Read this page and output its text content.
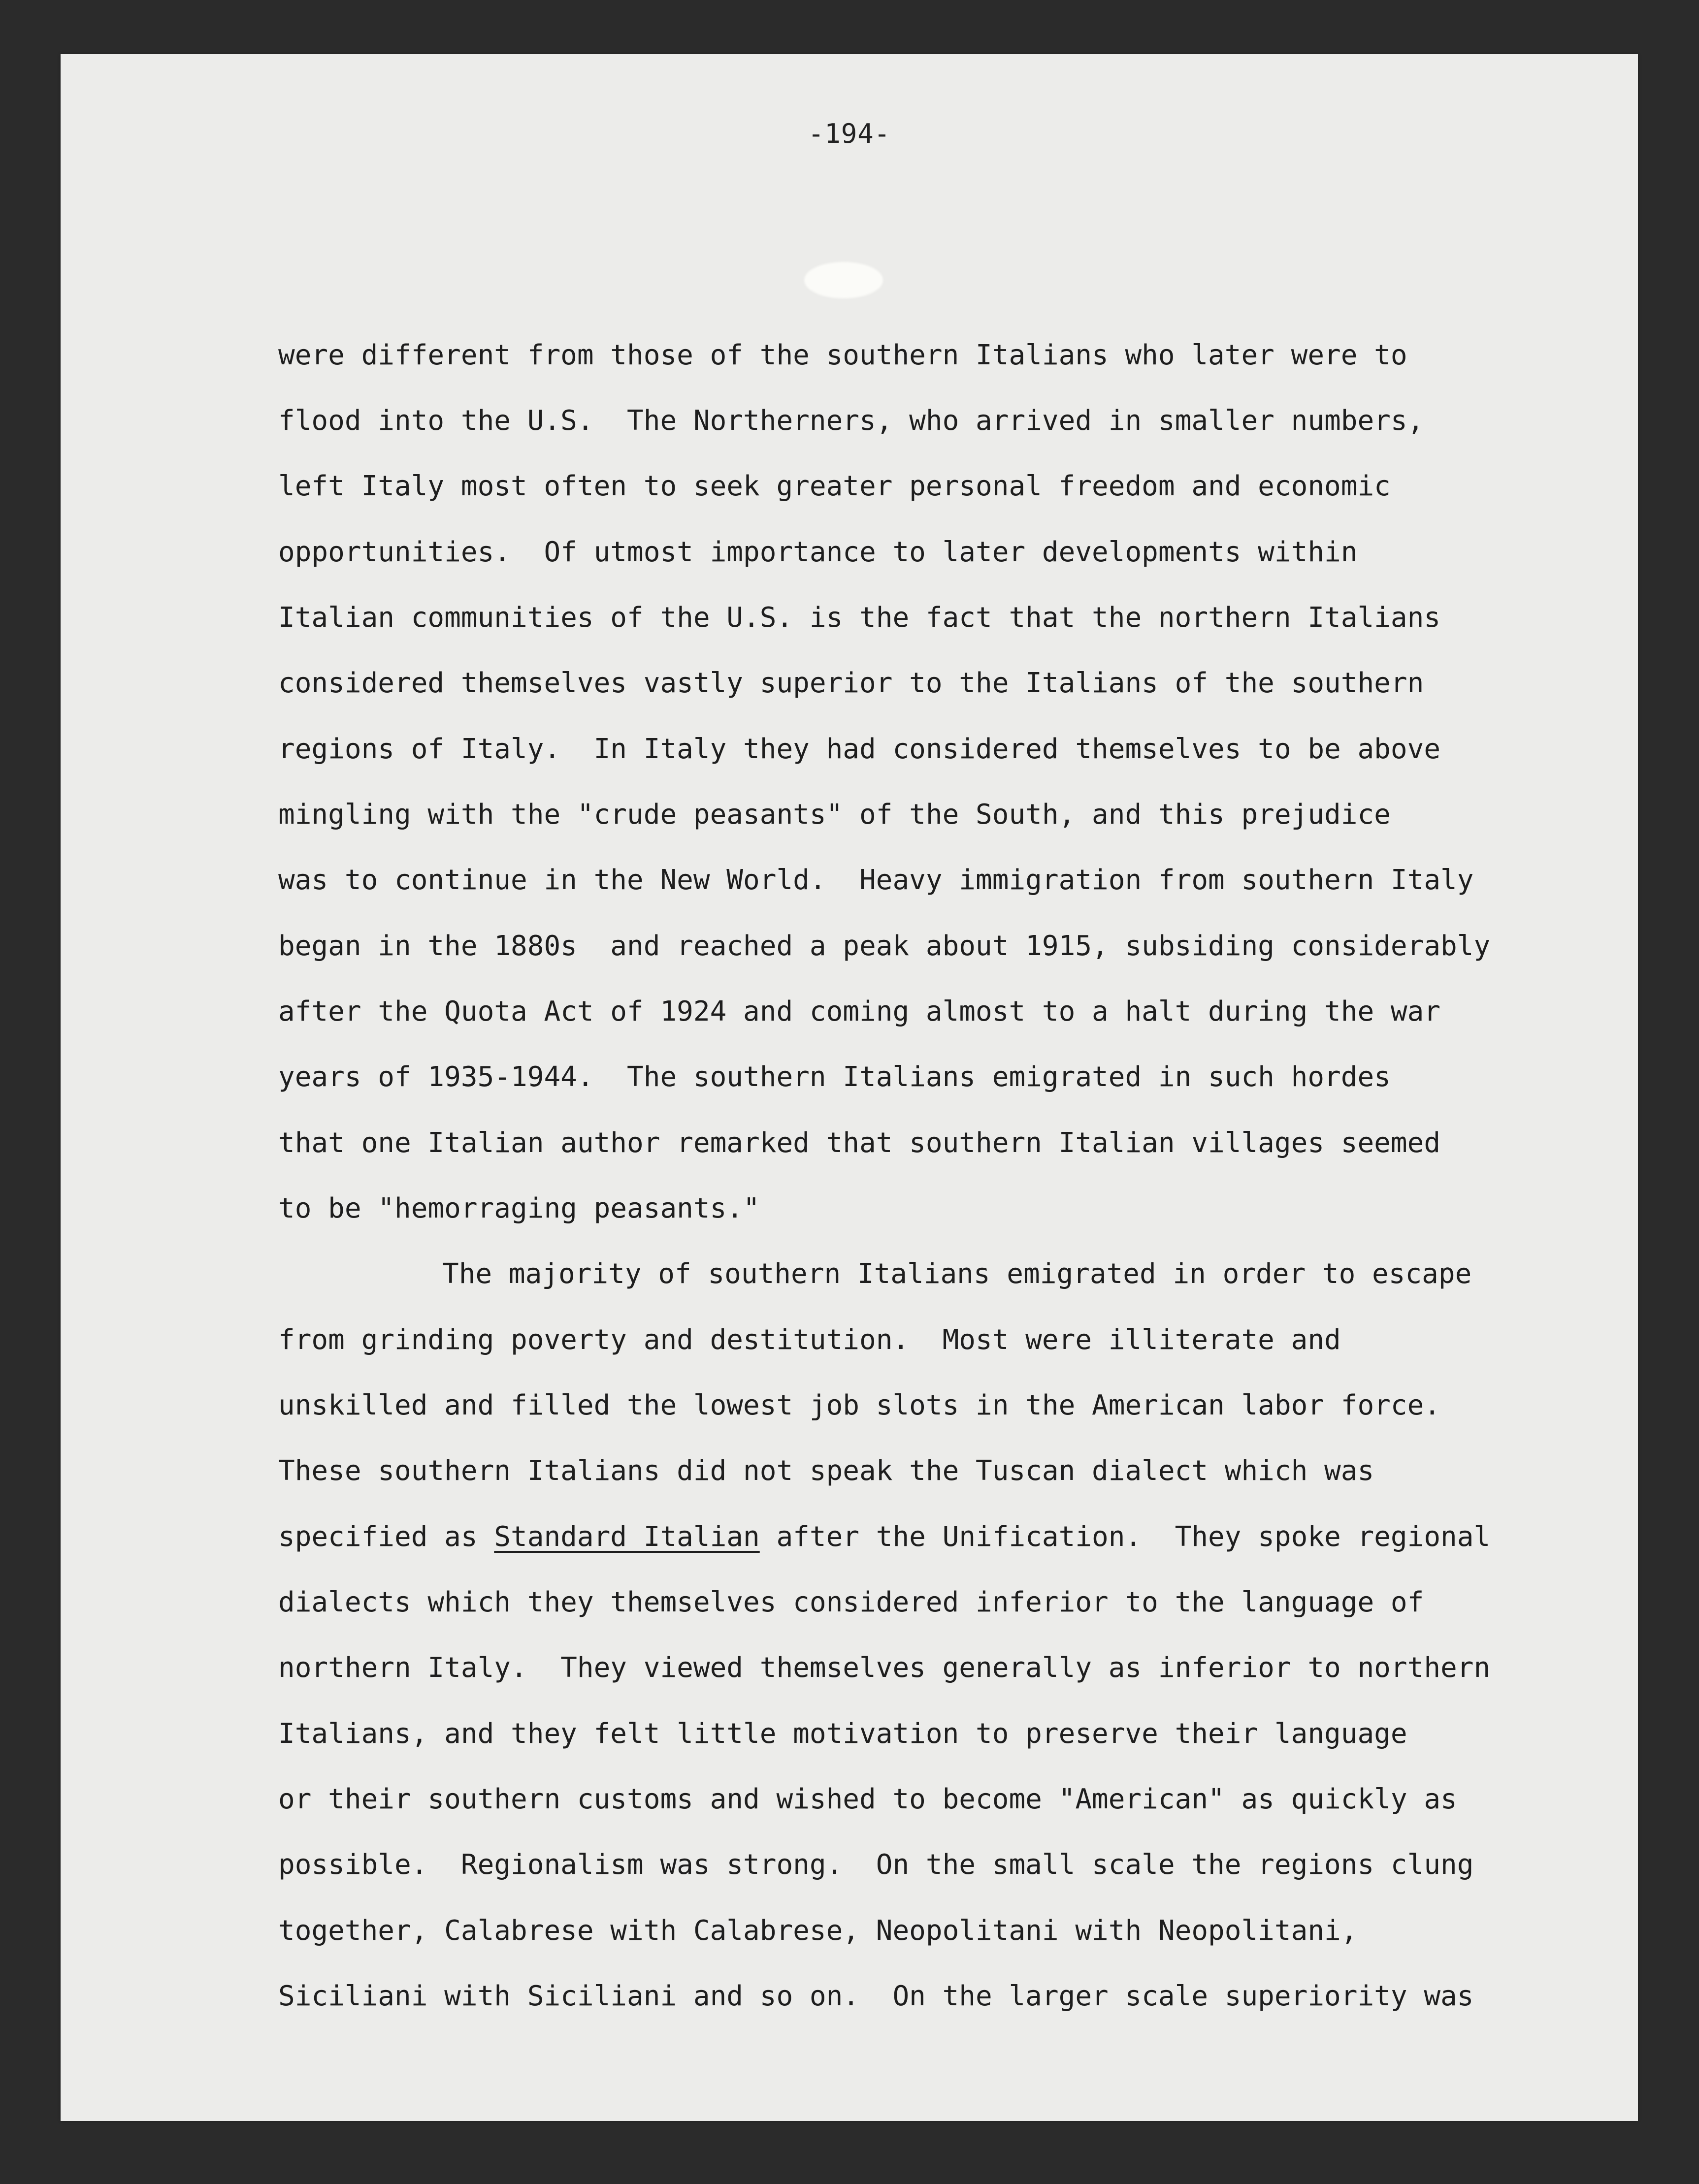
-194-
were different from those of the southern Italians who later were to
flood into the U.S.  The Northerners, who arrived in smaller numbers,
left Italy most often to seek greater personal freedom and economic
opportunities.  Of utmost importance to later developments within
Italian communities of the U.S. is the fact that the northern Italians
considered themselves vastly superior to the Italians of the southern
regions of Italy.  In Italy they had considered themselves to be above
mingling with the "crude peasants" of the South, and this prejudice
was to continue in the New World.  Heavy immigration from southern Italy
began in the 1880s  and reached a peak about 1915, subsiding considerably
after the Quota Act of 1924 and coming almost to a halt during the war
years of 1935-1944.  The southern Italians emigrated in such hordes
that one Italian author remarked that southern Italian villages seemed
to be "hemorraging peasants."
The majority of southern Italians emigrated in order to escape
from grinding poverty and destitution.  Most were illiterate and
unskilled and filled the lowest job slots in the American labor force.
These southern Italians did not speak the Tuscan dialect which was
specified as Standard Italian after the Unification.  They spoke regional
dialects which they themselves considered inferior to the language of
northern Italy.  They viewed themselves generally as inferior to northern
Italians, and they felt little motivation to preserve their language
or their southern customs and wished to become "American" as quickly as
possible.  Regionalism was strong.  On the small scale the regions clung
together, Calabrese with Calabrese, Neopolitani with Neopolitani,
Siciliani with Siciliani and so on.  On the larger scale superiority was
